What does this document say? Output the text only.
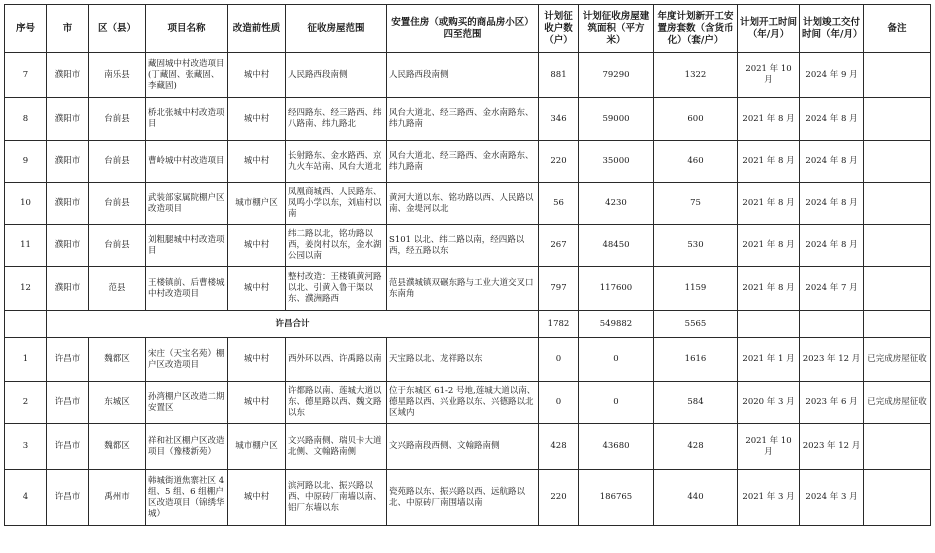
序号	市	区（县）	项目名称	改造前性质	征收房屋范围	安置住房（或购买的商品房小区）四至范围	计划征收户数（户）	计划征收房屋建筑面积（平方米）	年度计划新开工安置房套数（含货币化）（套/户）	计划开工时间（年/月）	计划竣工交付时间（年/月）	备注
7	濮阳市	南乐县	藏固城中村改造项目(丁藏固、张藏固、李藏固)	城中村	人民路西段南侧	人民路西段南侧	881	79290	1322	2021 年 10 月	2024 年 9 月	
8	濮阳市	台前县	桥北张城中村改造项目	城中村	经四路东、经三路西、纬八路南、纬九路北	风台大道北、经三路西、金水南路东、纬九路南	346	59000	600	2021 年 8 月	2024 年 8 月	
9	濮阳市	台前县	曹岭城中村改造项目	城中村	长射路东、金水路西、京九火车站南、风台大道北	风台大道北、经三路西、金水南路东、纬九路南	220	35000	460	2021 年 8 月	2024 年 8 月	
10	濮阳市	台前县	武装部家属院棚户区改造项目	城市棚户区	凤凰商城西、人民路东、凤鸣小学以东，刘庙村以南	黄河大道以东、铭功路以西、人民路以南、金堤河以北	56	4230	75	2021 年 8 月	2024 年 8 月	
11	濮阳市	台前县	刘粗腿城中村改造项目	城中村	纬二路以北，铭功路以西，姜岗村以东，金水湖公园以南	S101 以北、纬二路以南，经四路以西，经五路以东	267	48450	530	2021 年 8 月	2024 年 8 月	
12	濮阳市	范县	王楼镇前、后曹楼城中村改造项目	城中村	整村改造：王楼镇黄河路以北、引黄入鲁干渠以东、濮洲路西	范县濮城镇双碾东路与工业大道交叉口东南角	797	117600	1159	2021 年 8 月	2024 年 7 月	
	许昌合计						1782	549882	5565			
1	许昌市	魏都区	宋庄（天宝名苑）棚户区改造项目	城中村	西外环以西、许禹路以南	天宝路以北、龙祥路以东	0	0	1616	2021 年 1 月	2023 年 12 月	已完成房屋征收
2	许昌市	东城区	孙湾棚户区改造二期安置区	城中村	许都路以南、莲城大道以东、德星路以西、魏文路以东	位于东城区 61-2 号地,莲城大道以南、德星路以西、兴业路以东、兴德路以北区域内	0	0	584	2020 年 3 月	2023 年 6 月	已完成房屋征收
3	许昌市	魏都区	祥和社区棚户区改造项目（豫楼新苑）	城市棚户区	文兴路南侧、瑞贝卡大道北侧、文翰路南侧	文兴路南段西侧、文翰路南侧	428	43680	428	2021 年 10 月	2023 年 12 月	
4	许昌市	禹州市	韩城街道焦寨社区 4 组、5 组、6 组棚户区改造项目（锦绣华城）	城中村	滨河路以北、振兴路以西、中原砖厂南墙以南、铝厂东墙以东	瓷苑路以东、振兴路以西、远航路以北、中原砖厂南围墙以南	220	186765	440	2021 年 3 月	2024 年 3 月	
